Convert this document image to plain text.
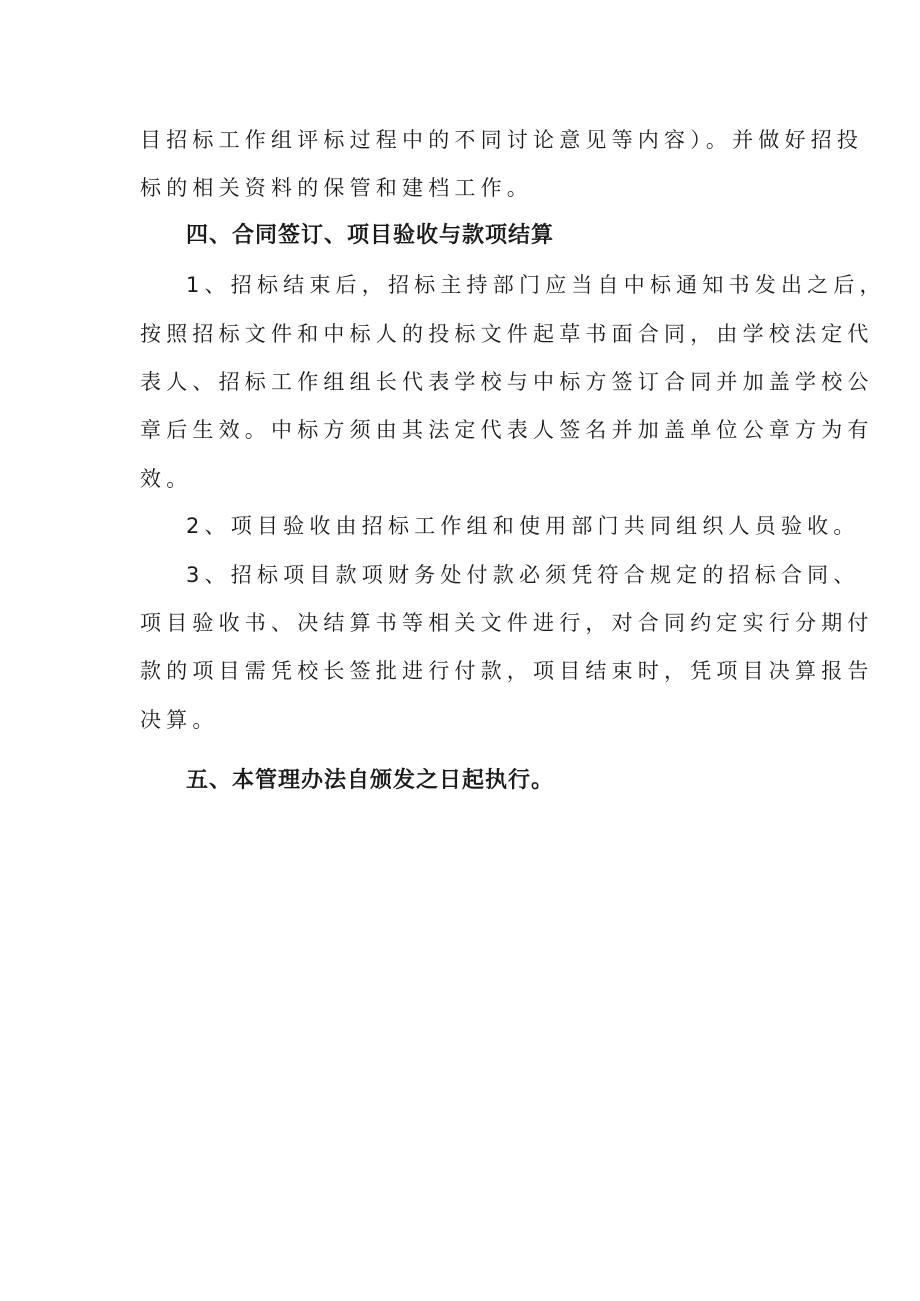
目招标工作组评标过程中的不同讨论意见等内容）。并做好招投
标的相关资料的保管和建档工作。
四、合同签订、项目验收与款项结算
1、招标结束后，招标主持部门应当自中标通知书发出之后，
按照招标文件和中标人的投标文件起草书面合同，由学校法定代
表人、招标工作组组长代表学校与中标方签订合同并加盖学校公
章后生效。中标方须由其法定代表人签名并加盖单位公章方为有
效。
2、项目验收由招标工作组和使用部门共同组织人员验收。
3、招标项目款项财务处付款必须凭符合规定的招标合同、
项目验收书、决结算书等相关文件进行，对合同约定实行分期付
款的项目需凭校长签批进行付款，项目结束时，凭项目决算报告
决算。
五、本管理办法自颁发之日起执行。
